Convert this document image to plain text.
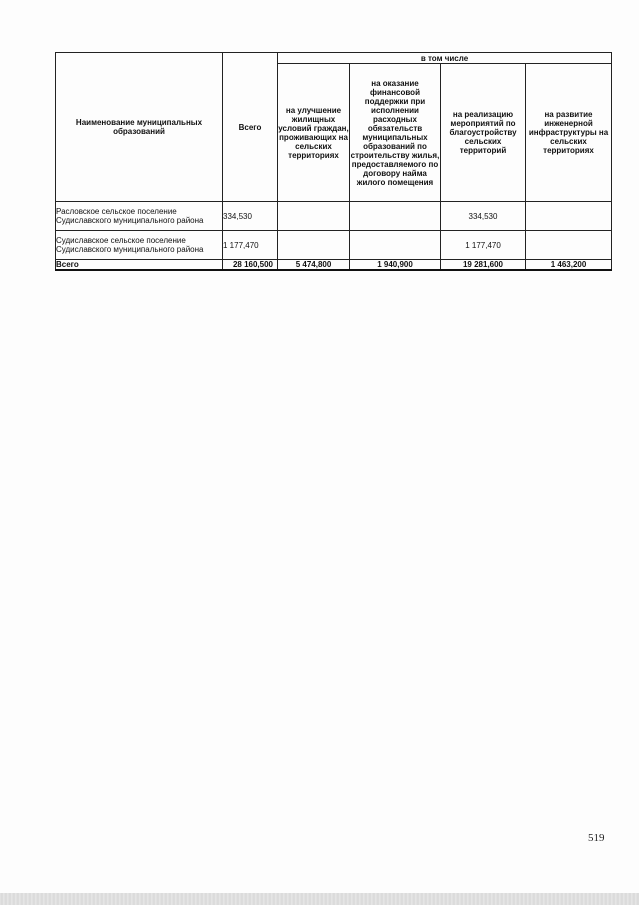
Наименование муниципальных образований	Всего	в том числе			
		на улучшение жилищных условий граждан, проживающих на сельских территориях	на оказание финансовой поддержки при исполнении расходных обязательств муниципальных образований по строительству жилья, предоставляемого по договору найма жилого помещения	на реализацию мероприятий по благоустройству сельских территорий	на развитие инженерной инфраструктуры на сельских территориях
Расловское сельское поселение Судиславского муниципального района	334,530			334,530	
Судиславское сельское поселение Судиславского муниципального района	1 177,470			1 177,470	
Всего	28 160,500	5 474,800	1 940,900	19 281,600	1 463,200
519
